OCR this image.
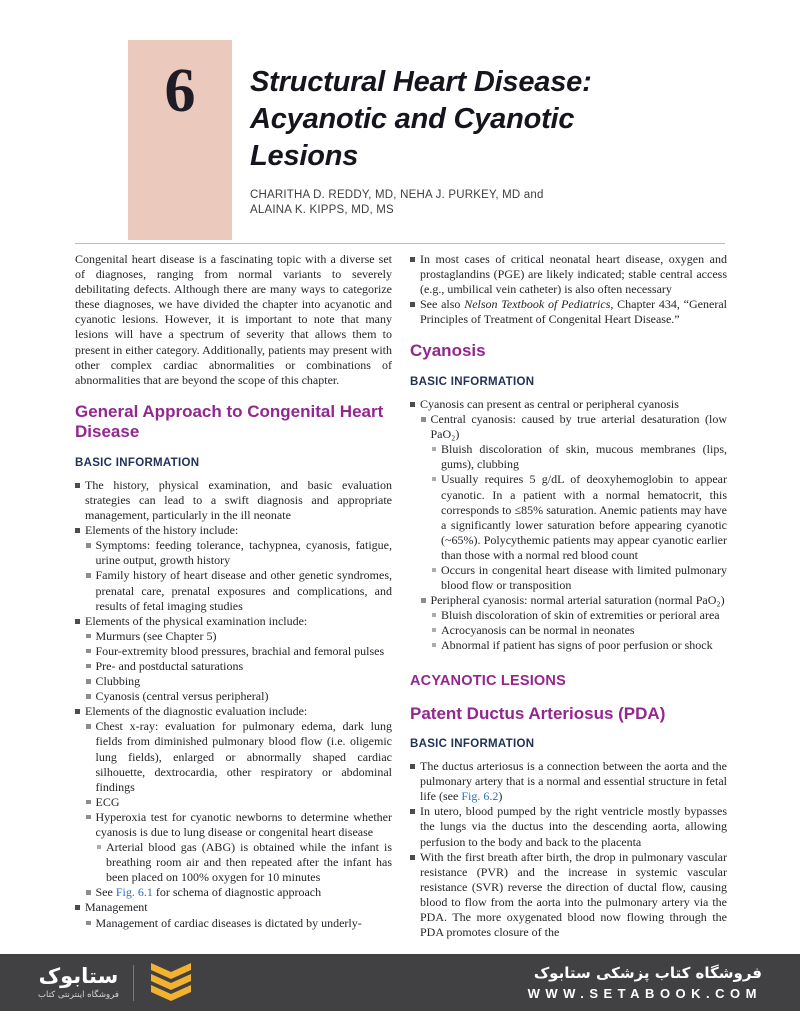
6	Structural Heart Disease:
Acyanotic and Cyanotic
Lesions
CHARITHA D. REDDY, MD, NEHA J. PURKEY, MD and
ALAINA K. KIPPS, MD, MS

Congenital heart disease is a fascinating topic with a diverse set of diagnoses, ranging from normal variants to severely debilitating defects. Although there are many ways to categorize these diagnoses, we have divided the chapter into acyanotic and cyanotic lesions. However, it is important to note that many lesions will have a spectrum of severity that allows them to present in either category. Additionally, patients may present with other complex cardiac abnormalities or combinations of abnormalities that are beyond the scope of this chapter.

General Approach to Congenital Heart Disease
BASIC INFORMATION
The history, physical examination, and basic evaluation strategies can lead to a swift diagnosis and appropriate management, particularly in the ill neonate
Elements of the history include:
Symptoms: feeding tolerance, tachypnea, cyanosis, fatigue, urine output, growth history
Family history of heart disease and other genetic syndromes, prenatal care, prenatal exposures and complications, and results of fetal imaging studies
Elements of the physical examination include:
Murmurs (see Chapter 5)
Four-extremity blood pressures, brachial and femoral pulses
Pre- and postductal saturations
Clubbing
Cyanosis (central versus peripheral)
Elements of the diagnostic evaluation include:
Chest x-ray: evaluation for pulmonary edema, dark lung fields from diminished pulmonary blood flow (i.e. oligemic lung fields), enlarged or abnormally shaped cardiac silhouette, dextrocardia, other respiratory or abdominal findings
ECG
Hyperoxia test for cyanotic newborns to determine whether cyanosis is due to lung disease or congenital heart disease
Arterial blood gas (ABG) is obtained while the infant is breathing room air and then repeated after the infant has been placed on 100% oxygen for 10 minutes
See Fig. 6.1 for schema of diagnostic approach
Management
Management of cardiac diseases is dictated by underly-
In most cases of critical neonatal heart disease, oxygen and prostaglandins (PGE) are likely indicated; stable central access (e.g., umbilical vein catheter) is also often necessary
See also Nelson Textbook of Pediatrics, Chapter 434, “General Principles of Treatment of Congenital Heart Disease.”
Cyanosis
BASIC INFORMATION
Cyanosis can present as central or peripheral cyanosis
Central cyanosis: caused by true arterial desaturation (low PaO₂)
Bluish discoloration of skin, mucous membranes (lips, gums), clubbing
Usually requires 5 g/dL of deoxyhemoglobin to appear cyanotic. In a patient with a normal hematocrit, this corresponds to ≤85% saturation. Anemic patients may have a significantly lower saturation before appearing cyanotic (~65%). Polycythemic patients may appear cyanotic earlier than those with a normal red blood count
Occurs in congenital heart disease with limited pulmonary blood flow or transposition
Peripheral cyanosis: normal arterial saturation (normal PaO₂)
Bluish discoloration of skin of extremities or perioral area
Acrocyanosis can be normal in neonates
Abnormal if patient has signs of poor perfusion or shock
ACYANOTIC LESIONS
Patent Ductus Arteriosus (PDA)
BASIC INFORMATION
The ductus arteriosus is a connection between the aorta and the pulmonary artery that is a normal and essential structure in fetal life (see Fig. 6.2)
In utero, blood pumped by the right ventricle mostly bypasses the lungs via the ductus into the descending aorta, allowing perfusion to the body and back to the placenta
With the first breath after birth, the drop in pulmonary vascular resistance (PVR) and the increase in systemic vascular resistance (SVR) reverse the direction of ductal flow, causing blood to flow from the aorta into the pulmonary artery via the PDA. The more oxygenated blood now flowing through the PDA promotes closure of the
ستابوک
فروشگاه اینترنتی کتاب
فروشگاه کتاب پزشکی ستابوک
WWW.SETABOOK.COM
